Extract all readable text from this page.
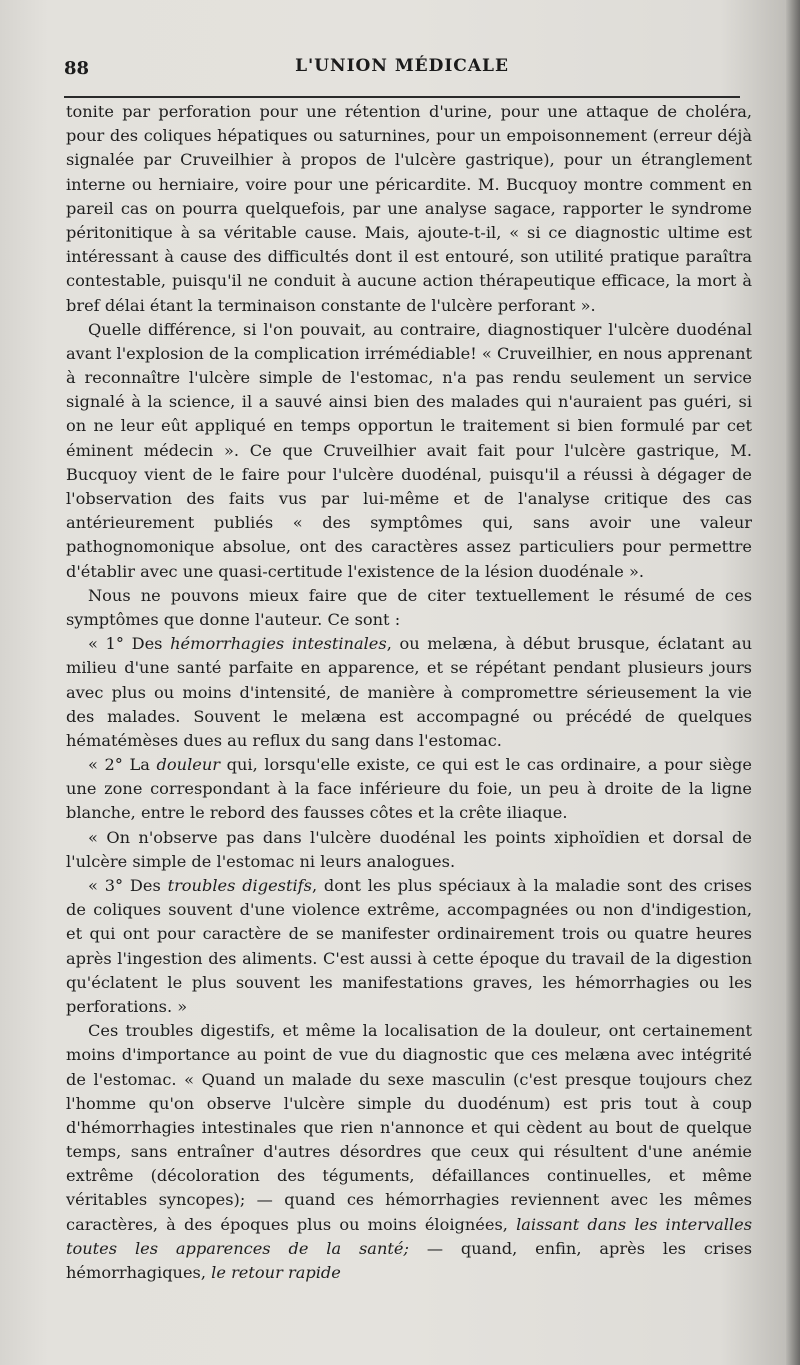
88	L'UNION MÉDICALE

tonite par perforation pour une rétention d'urine, pour une attaque de choléra, pour des coliques hépatiques ou saturnines, pour un empoisonnement (erreur déjà signalée par Cruveilhier à propos de l'ulcère gastrique), pour un étranglement interne ou herniaire, voire pour une péricardite. M. Bucquoy montre comment en pareil cas on pourra quelquefois, par une analyse sagace, rapporter le syndrome péritonitique à sa véritable cause. Mais, ajoute-t-il, « si ce diagnostic ultime est intéressant à cause des difficultés dont il est entouré, son utilité pratique paraîtra contestable, puisqu'il ne conduit à aucune action thérapeutique efficace, la mort à bref délai étant la terminaison constante de l'ulcère perforant ».

Quelle différence, si l'on pouvait, au contraire, diagnostiquer l'ulcère duodénal avant l'explosion de la complication irrémédiable! « Cruveilhier, en nous apprenant à reconnaître l'ulcère simple de l'estomac, n'a pas rendu seulement un service signalé à la science, il a sauvé ainsi bien des malades qui n'auraient pas guéri, si on ne leur eût appliqué en temps opportun le traitement si bien formulé par cet éminent médecin ». Ce que Cruveilhier avait fait pour l'ulcère gastrique, M. Bucquoy vient de le faire pour l'ulcère duodénal, puisqu'il a réussi à dégager de l'observation des faits vus par lui-même et de l'analyse critique des cas antérieurement publiés « des symptômes qui, sans avoir une valeur pathognomonique absolue, ont des caractères assez particuliers pour permettre d'établir avec une quasi-certitude l'existence de la lésion duodénale ».

Nous ne pouvons mieux faire que de citer textuellement le résumé de ces symptômes que donne l'auteur. Ce sont :

« 1° Des hémorrhagies intestinales, ou melæna, à début brusque, éclatant au milieu d'une santé parfaite en apparence, et se répétant pendant plusieurs jours avec plus ou moins d'intensité, de manière à compromettre sérieusement la vie des malades. Souvent le melæna est accompagné ou précédé de quelques hématémèses dues au reflux du sang dans l'estomac.

« 2° La douleur qui, lorsqu'elle existe, ce qui est le cas ordinaire, a pour siège une zone correspondant à la face inférieure du foie, un peu à droite de la ligne blanche, entre le rebord des fausses côtes et la crête iliaque.

« On n'observe pas dans l'ulcère duodénal les points xiphoïdien et dorsal de l'ulcère simple de l'estomac ni leurs analogues.

« 3° Des troubles digestifs, dont les plus spéciaux à la maladie sont des crises de coliques souvent d'une violence extrême, accompagnées ou non d'indigestion, et qui ont pour caractère de se manifester ordinairement trois ou quatre heures après l'ingestion des aliments. C'est aussi à cette époque du travail de la digestion qu'éclatent le plus souvent les manifestations graves, les hémorrhagies ou les perforations. »

Ces troubles digestifs, et même la localisation de la douleur, ont certainement moins d'importance au point de vue du diagnostic que ces melæna avec intégrité de l'estomac. « Quand un malade du sexe masculin (c'est presque toujours chez l'homme qu'on observe l'ulcère simple du duodénum) est pris tout à coup d'hémorrhagies intestinales que rien n'annonce et qui cèdent au bout de quelque temps, sans entraîner d'autres désordres que ceux qui résultent d'une anémie extrême (décoloration des téguments, défaillances continuelles, et même véritables syncopes); — quand ces hémorrhagies reviennent avec les mêmes caractères, à des époques plus ou moins éloignées, laissant dans les intervalles toutes les apparences de la santé; — quand, enfin, après les crises hémorrhagiques, le retour rapide
